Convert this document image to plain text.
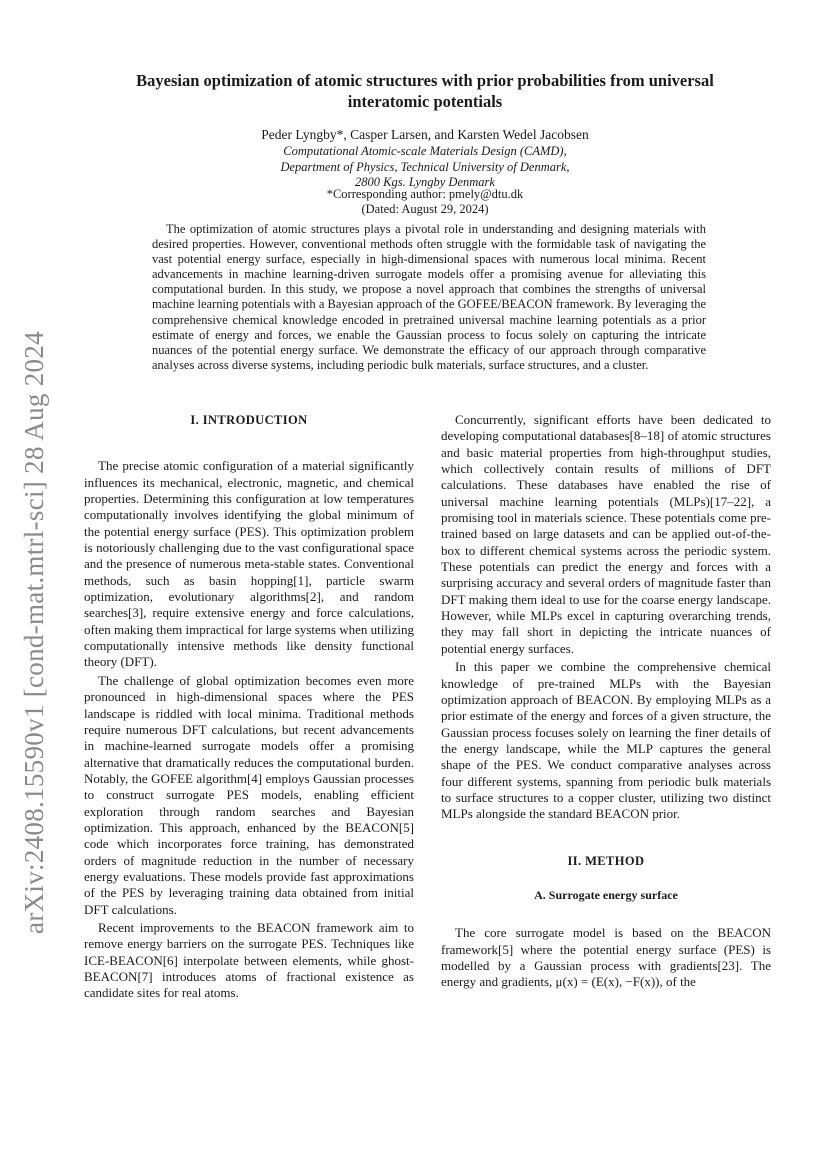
arXiv:2408.15590v1 [cond-mat.mtrl-sci] 28 Aug 2024
Bayesian optimization of atomic structures with prior probabilities from universal
interatomic potentials
Peder Lyngby*, Casper Larsen, and Karsten Wedel Jacobsen
Computational Atomic-scale Materials Design (CAMD),
Department of Physics, Technical University of Denmark,
2800 Kgs. Lyngby Denmark
*Corresponding author: pmely@dtu.dk
(Dated: August 29, 2024)

The optimization of atomic structures plays a pivotal role in understanding and designing materials with desired properties. However, conventional methods often struggle with the formidable task of navigating the vast potential energy surface, especially in high-dimensional spaces with numerous local minima. Recent advancements in machine learning-driven surrogate models offer a promising avenue for alleviating this computational burden. In this study, we propose a novel approach that combines the strengths of universal machine learning potentials with a Bayesian approach of the GOFEE/BEACON framework. By leveraging the comprehensive chemical knowledge encoded in pretrained universal machine learning potentials as a prior estimate of energy and forces, we enable the Gaussian process to focus solely on capturing the intricate nuances of the potential energy surface. We demonstrate the efficacy of our approach through comparative analyses across diverse systems, including periodic bulk materials, surface structures, and a cluster.

I. INTRODUCTION

The precise atomic configuration of a material significantly influences its mechanical, electronic, magnetic, and chemical properties. Determining this configuration at low temperatures computationally involves identifying the global minimum of the potential energy surface (PES). This optimization problem is notoriously challenging due to the vast configurational space and the presence of numerous meta-stable states. Conventional methods, such as basin hopping[1], particle swarm optimization, evolutionary algorithms[2], and random searches[3], require extensive energy and force calculations, often making them impractical for large systems when utilizing computationally intensive methods like density functional theory (DFT).

The challenge of global optimization becomes even more pronounced in high-dimensional spaces where the PES landscape is riddled with local minima. Traditional methods require numerous DFT calculations, but recent advancements in machine-learned surrogate models offer a promising alternative that dramatically reduces the computational burden. Notably, the GOFEE algorithm[4] employs Gaussian processes to construct surrogate PES models, enabling efficient exploration through random searches and Bayesian optimization. This approach, enhanced by the BEACON[5] code which incorporates force training, has demonstrated orders of magnitude reduction in the number of necessary energy evaluations. These models provide fast approximations of the PES by leveraging training data obtained from initial DFT calculations.

Recent improvements to the BEACON framework aim to remove energy barriers on the surrogate PES. Techniques like ICE-BEACON[6] interpolate between elements, while ghost-BEACON[7] introduces atoms of fractional existence as candidate sites for real atoms.

Concurrently, significant efforts have been dedicated to developing computational databases[8–18] of atomic structures and basic material properties from high-throughput studies, which collectively contain results of millions of DFT calculations. These databases have enabled the rise of universal machine learning potentials (MLPs)[17–22], a promising tool in materials science. These potentials come pre-trained based on large datasets and can be applied out-of-the-box to different chemical systems across the periodic system. These potentials can predict the energy and forces with a surprising accuracy and several orders of magnitude faster than DFT making them ideal to use for the coarse energy landscape. However, while MLPs excel in capturing overarching trends, they may fall short in depicting the intricate nuances of potential energy surfaces.

In this paper we combine the comprehensive chemical knowledge of pre-trained MLPs with the Bayesian optimization approach of BEACON. By employing MLPs as a prior estimate of the energy and forces of a given structure, the Gaussian process focuses solely on learning the finer details of the energy landscape, while the MLP captures the general shape of the PES. We conduct comparative analyses across four different systems, spanning from periodic bulk materials to surface structures to a copper cluster, utilizing two distinct MLPs alongside the standard BEACON prior.

II. METHOD
A. Surrogate energy surface

The core surrogate model is based on the BEACON framework[5] where the potential energy surface (PES) is modelled by a Gaussian process with gradients[23]. The energy and gradients, μ(x) = (E(x), −F(x)), of the
